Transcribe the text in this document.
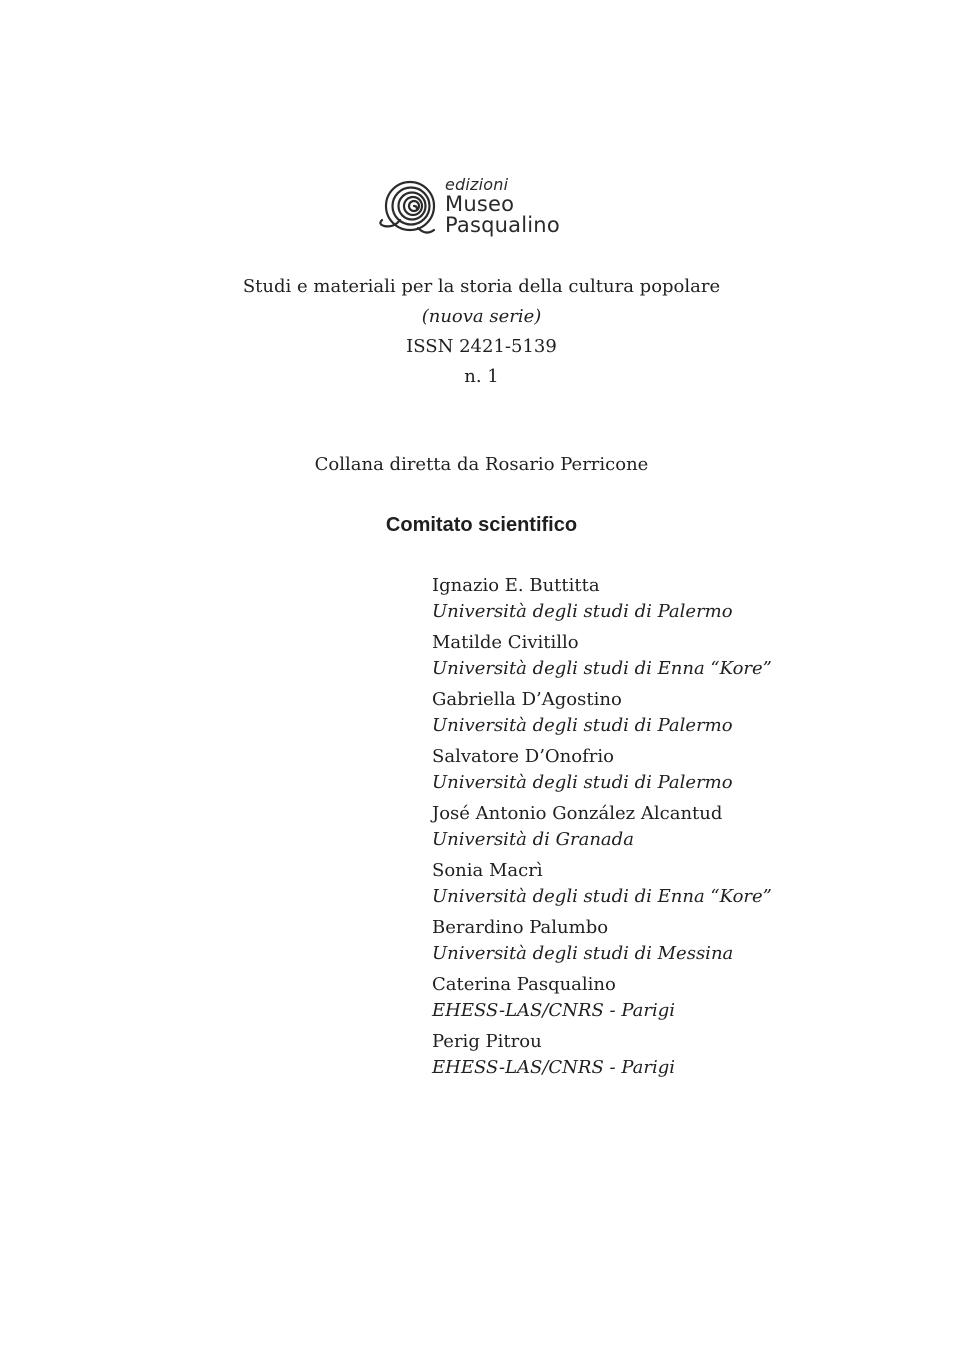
edizioni
Museo
Pasqualino
Studi e materiali per la storia della cultura popolare
(nuova serie)
ISSN 2421-5139
n. 1
Collana diretta da Rosario Perricone
Comitato scientifico
Ignazio E. Buttitta
Università degli studi di Palermo
Matilde Civitillo
Università degli studi di Enna “Kore”
Gabriella D’Agostino
Università degli studi di Palermo
Salvatore D’Onofrio
Università degli studi di Palermo
José Antonio González Alcantud
Università di Granada
Sonia Macrì
Università degli studi di Enna “Kore”
Berardino Palumbo
Università degli studi di Messina
Caterina Pasqualino
EHESS-LAS/CNRS - Parigi
Perig Pitrou
EHESS-LAS/CNRS - Parigi
